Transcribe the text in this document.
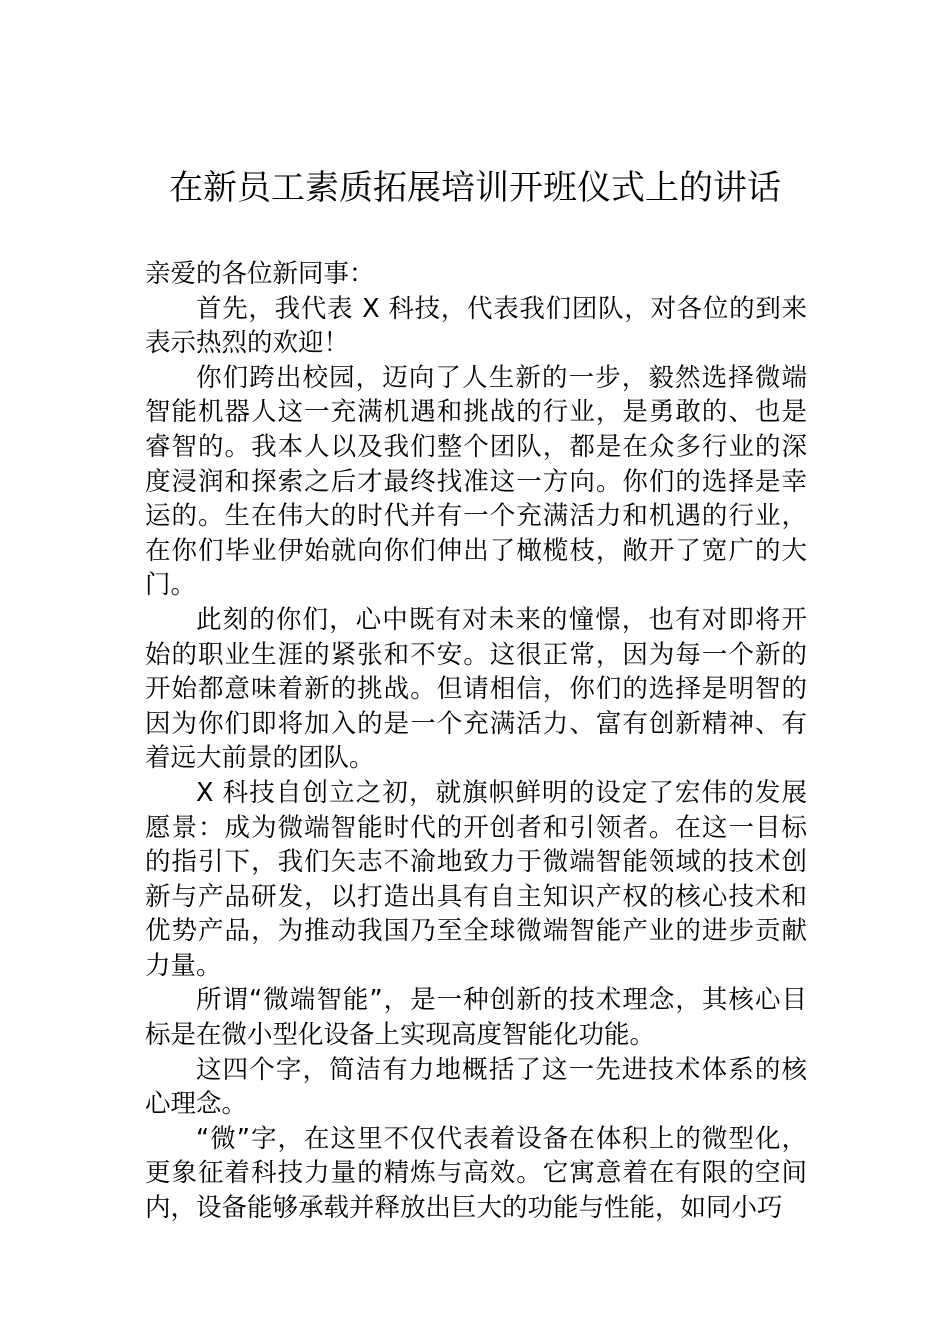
在新员工素质拓展培训开班仪式上的讲话

亲爱的各位新同事：

首先，我代表 X 科技，代表我们团队，对各位的到来表示热烈的欢迎！

你们跨出校园，迈向了人生新的一步，毅然选择微端智能机器人这一充满机遇和挑战的行业，是勇敢的、也是睿智的。我本人以及我们整个团队，都是在众多行业的深度浸润和探索之后才最终找准这一方向。你们的选择是幸运的。生在伟大的时代并有一个充满活力和机遇的行业，在你们毕业伊始就向你们伸出了橄榄枝，敞开了宽广的大门。

此刻的你们，心中既有对未来的憧憬，也有对即将开始的职业生涯的紧张和不安。这很正常，因为每一个新的开始都意味着新的挑战。但请相信，你们的选择是明智的因为你们即将加入的是一个充满活力、富有创新精神、有着远大前景的团队。

X 科技自创立之初，就旗帜鲜明的设定了宏伟的发展愿景：成为微端智能时代的开创者和引领者。在这一目标的指引下，我们矢志不渝地致力于微端智能领域的技术创新与产品研发，以打造出具有自主知识产权的核心技术和优势产品，为推动我国乃至全球微端智能产业的进步贡献力量。

所谓“微端智能”，是一种创新的技术理念，其核心目标是在微小型化设备上实现高度智能化功能。

这四个字，简洁有力地概括了这一先进技术体系的核心理念。

“微”字，在这里不仅代表着设备在体积上的微型化，更象征着科技力量的精炼与高效。它寓意着在有限的空间内，设备能够承载并释放出巨大的功能与性能，如同小巧
